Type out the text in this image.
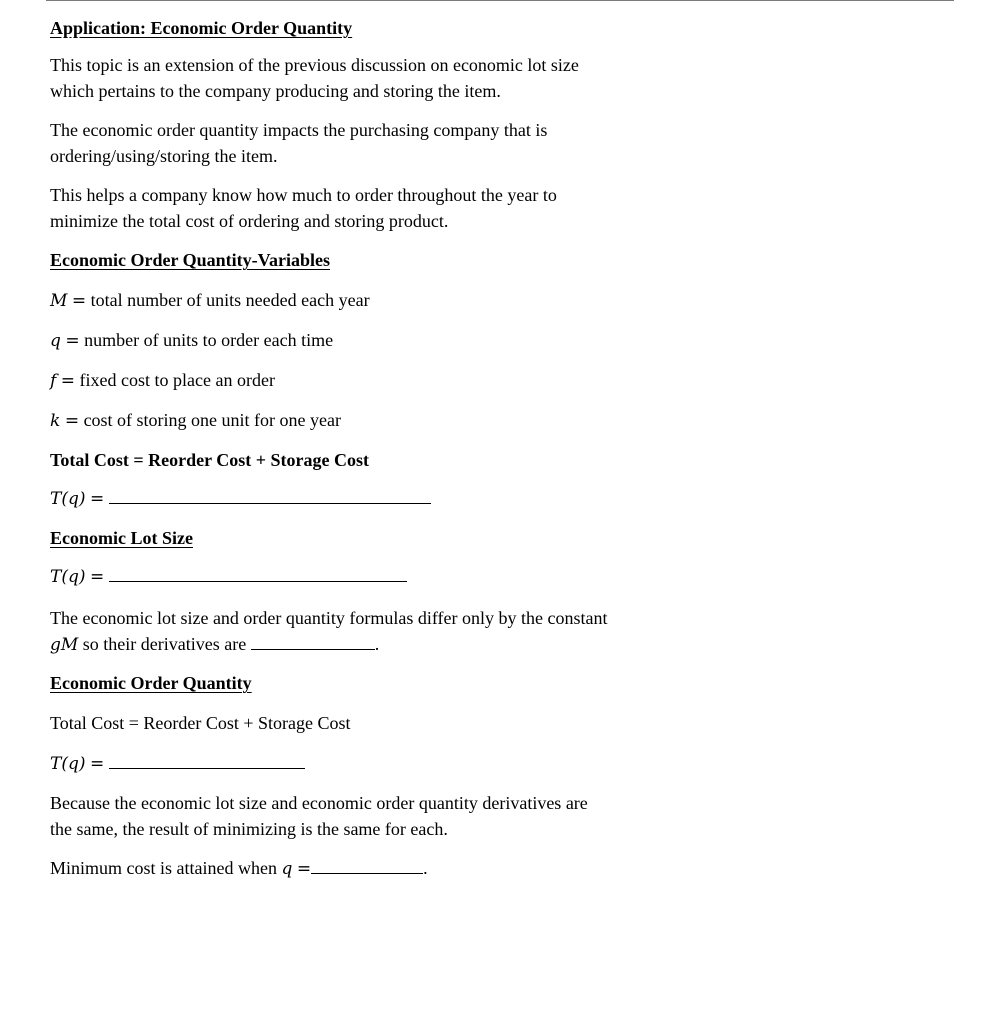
Application: Economic Order Quantity

This topic is an extension of the previous discussion on economic lot size which pertains to the company producing and storing the item.

The economic order quantity impacts the purchasing company that is ordering/using/storing the item.

This helps a company know how much to order throughout the year to minimize the total cost of ordering and storing product.

Economic Order Quantity-Variables

M = total number of units needed each year

q = number of units to order each time

f = fixed cost to place an order

k = cost of storing one unit for one year

Total Cost = Reorder Cost + Storage Cost

T(q) =

Economic Lot Size

T(q) =

The economic lot size and order quantity formulas differ only by the constant gM so their derivatives are	.

Economic Order Quantity

Total Cost = Reorder Cost + Storage Cost

T(q) =

Because the economic lot size and economic order quantity derivatives are the same, the result of minimizing is the same for each.

Minimum cost is attained when q =	.
